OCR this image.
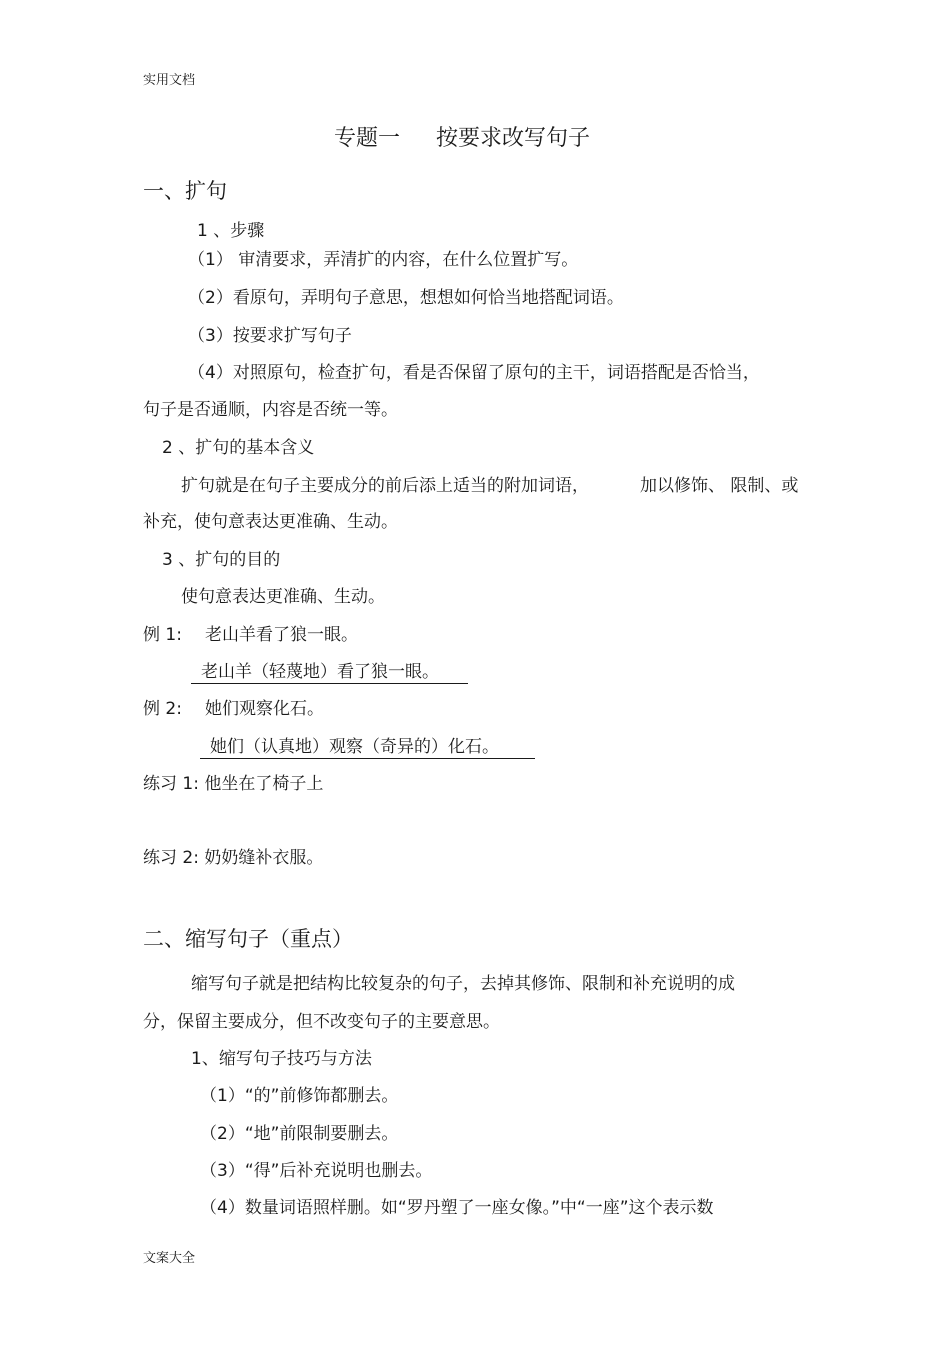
实用文档
专题一 按要求改写句子
一、扩句
1 、步骤
（1） 审清要求，弄清扩的内容，在什么位置扩写。
（2）看原句，弄明句子意思，想想如何恰当地搭配词语。
（3）按要求扩写句子
（4）对照原句，检查扩句，看是否保留了原句的主干，词语搭配是否恰当，
句子是否通顺，内容是否统一等。
2 、扩句的基本含义
扩句就是在句子主要成分的前后添上适当的附加词语，	加以修饰、 限制、或
补充，使句意表达更准确、生动。
3 、扩句的目的
使句意表达更准确、生动。
例 1: 老山羊看了狼一眼。
老山羊（轻蔑地）看了狼一眼。
例 2: 她们观察化石。
她们（认真地）观察（奇异的）化石。
练习 1: 他坐在了椅子上
练习 2: 奶奶缝补衣服。
二、缩写句子（重点）
缩写句子就是把结构比较复杂的句子，去掉其修饰、限制和补充说明的成
分，保留主要成分，但不改变句子的主要意思。
1、缩写句子技巧与方法
（1）“的”前修饰都删去。
（2）“地”前限制要删去。
（3）“得”后补充说明也删去。
（4）数量词语照样删。如“罗丹塑了一座女像。”中“一座”这个表示数
文案大全
